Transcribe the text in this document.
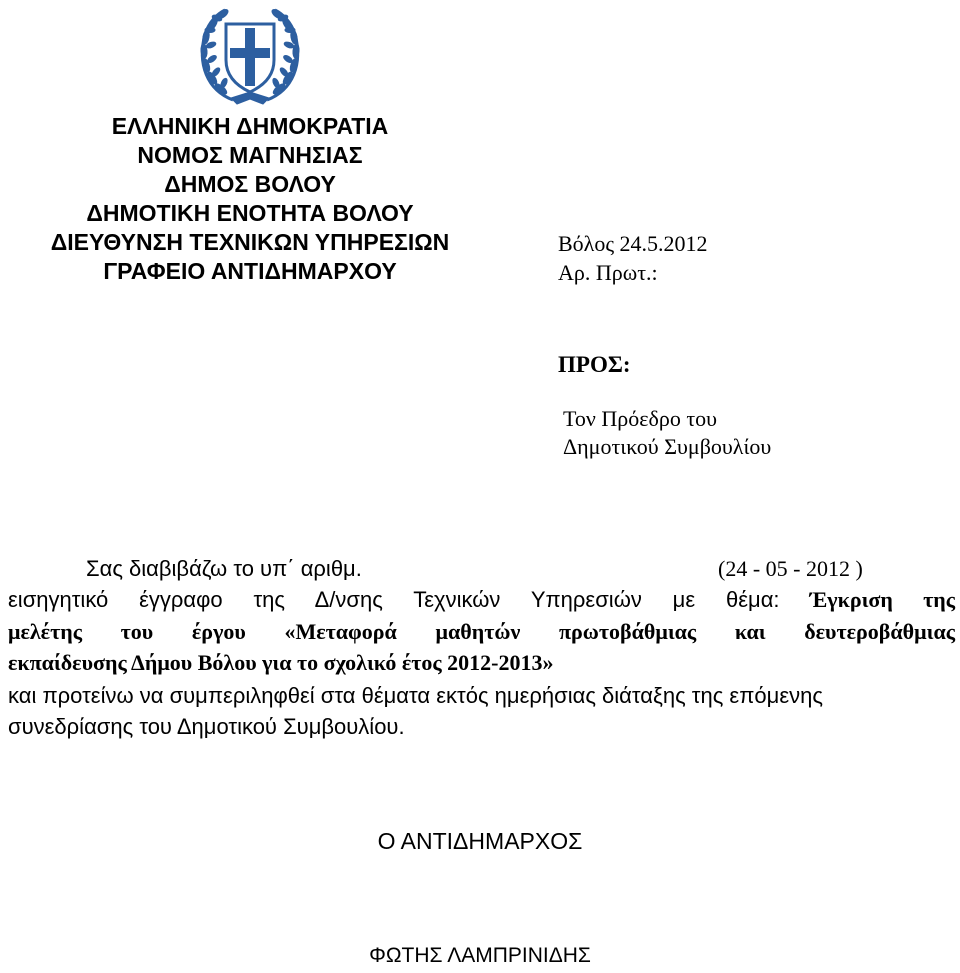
ΕΛΛΗΝΙΚΗ ΔΗΜΟΚΡΑΤΙΑ
ΝΟΜΟΣ ΜΑΓΝΗΣΙΑΣ
ΔΗΜΟΣ ΒΟΛΟΥ
ΔΗΜΟΤΙΚΗ ΕΝΟΤΗΤΑ ΒΟΛΟΥ
ΔΙΕΥΘΥΝΣΗ ΤΕΧΝΙΚΩΝ ΥΠΗΡΕΣΙΩΝ
ΓΡΑΦΕΙΟ ΑΝΤΙΔΗΜΑΡΧΟΥ
Βόλος 24.5.2012
Αρ. Πρωτ.:
ΠΡΟΣ:
Τον Πρόεδρο του
Δημοτικού Συμβουλίου
Σας διαβιβάζω το υπ΄ αριθμ.	(24 - 05 - 2012 )
εισηγητικό έγγραφο της Δ/νσης Τεχνικών Υπηρεσιών με θέμα: Έγκριση της
μελέτης του έργου «Μεταφορά μαθητών πρωτοβάθμιας και δευτεροβάθμιας
εκπαίδευσης Δήμου Βόλου για το σχολικό έτος 2012-2013»
και προτείνω να συμπεριληφθεί στα θέματα εκτός ημερήσιας διάταξης της επόμενης
συνεδρίασης του Δημοτικού Συμβουλίου.
Ο ΑΝΤΙΔΗΜΑΡΧΟΣ
ΦΩΤΗΣ ΛΑΜΠΡΙΝΙΔΗΣ
